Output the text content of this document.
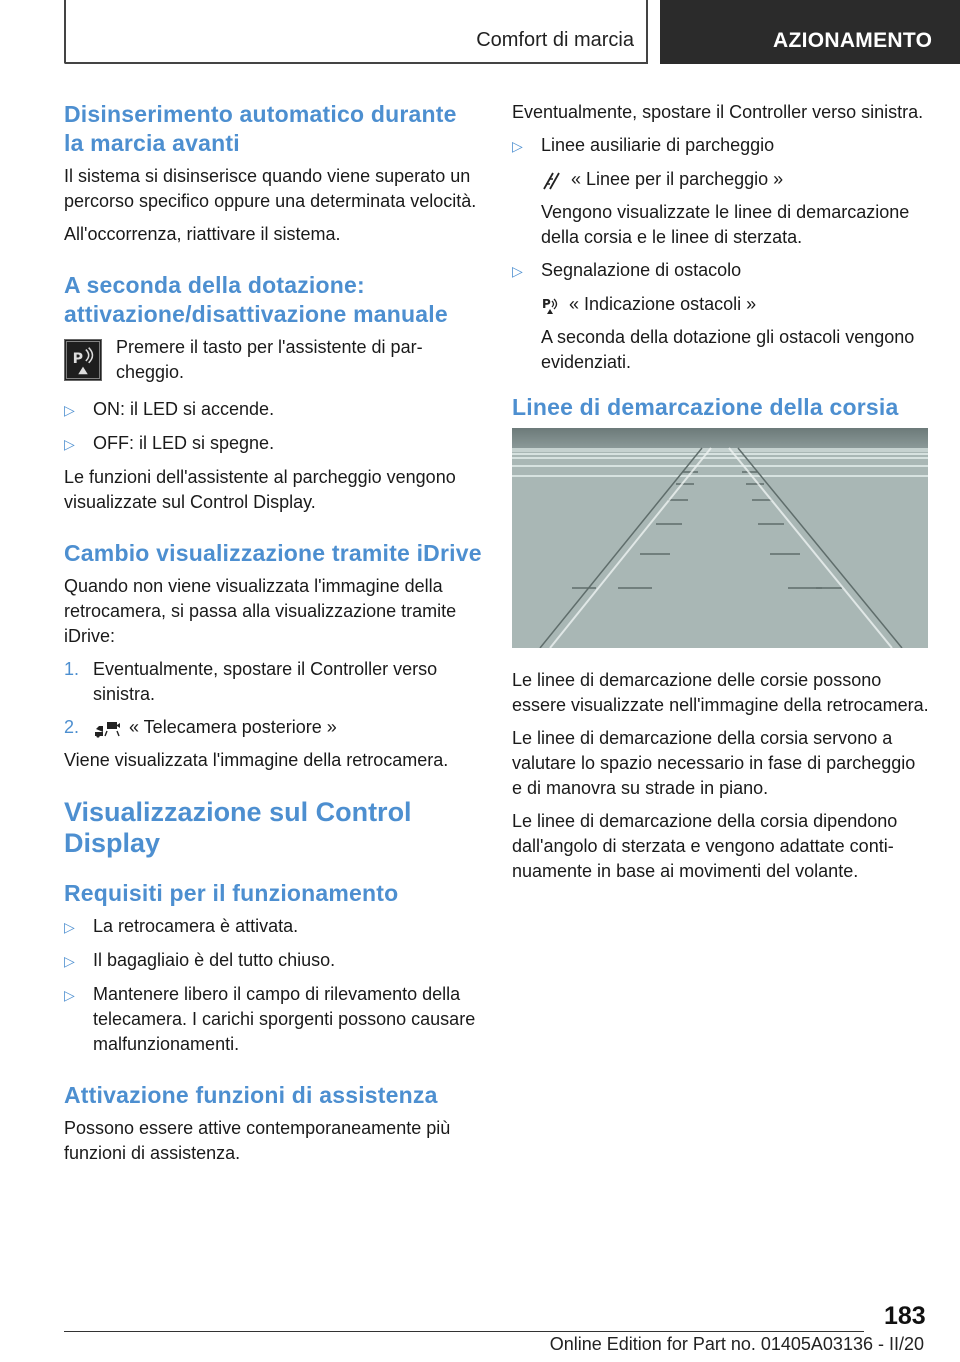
Comfort di marcia	AZIONAMENTO
Disinserimento automatico durante la marcia avanti

Il sistema si disinserisce quando viene superato un percorso specifico oppure una determinata velocità.

All'occorrenza, riattivare il sistema.

A seconda della dotazione: attivazione/disattivazione manuale
P
Premere il tasto per l'assistente di parcheggio.
▷	ON: il LED si accende.
▷	OFF: il LED si spegne.

Le funzioni dell'assistente al parcheggio vengono visualizzate sul Control Display.

Cambio visualizzazione tramite iDrive

Quando non viene visualizzata l'immagine della retrocamera, si passa alla visualizzazione tramite iDrive:

1. Eventualmente, spostare il Controller verso sinistra.
2.	« Telecamera posteriore »

Viene visualizzata l'immagine della retrocamera.

Visualizzazione sul Control Display
Requisiti per il funzionamento
▷	La retrocamera è attivata.
▷	Il bagagliaio è del tutto chiuso.
▷	Mantenere libero il campo di rilevamento della telecamera. I carichi sporgenti possono causare malfunzionamenti.
Attivazione funzioni di assistenza

Possono essere attive contemporaneamente più funzioni di assistenza.

Eventualmente, spostare il Controller verso sinistra.

▷	Linee ausiliarie di parcheggio
« Linee per il parcheggio »
Vengono visualizzate le linee di demarcazione della corsia e le linee di sterzata.
▷	Segnalazione di ostacolo
P « Indicazione ostacoli »
A seconda della dotazione gli ostacoli vengono evidenziati.
Linee di demarcazione della corsia

Le linee di demarcazione delle corsie possono essere visualizzate nell'immagine della retrocamera.

Le linee di demarcazione della corsia servono a valutare lo spazio necessario in fase di parcheggio e di manovra su strade in piano.

Le linee di demarcazione della corsia dipendono dall'angolo di sterzata e vengono adattate continuamente in base ai movimenti del volante.

183
Online Edition for Part no. 01405A03136 - II/20
